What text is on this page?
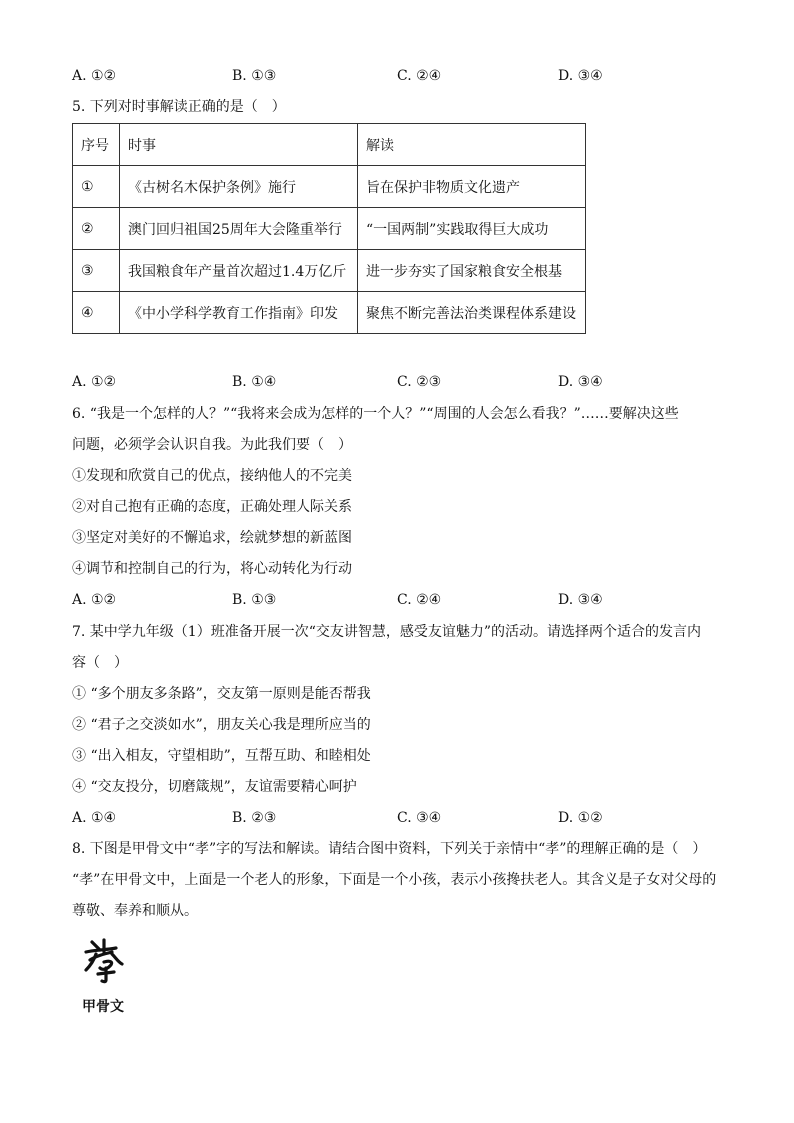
A. ①②	B. ①③	C. ②④	D. ③④
5. 下列对时事解读正确的是（　）
序号	时事	解读
①	《古树名木保护条例》施行	旨在保护非物质文化遗产
②	澳门回归祖国25周年大会隆重举行	“一国两制”实践取得巨大成功
③	我国粮食年产量首次超过1.4万亿斤	进一步夯实了国家粮食安全根基
④	《中小学科学教育工作指南》印发	聚焦不断完善法治类课程体系建设
A. ①②	B. ①④	C. ②③	D. ③④
6. “我是一个怎样的人？”“我将来会成为怎样的一个人？”“周围的人会怎么看我？”……要解决这些
问题，必须学会认识自我。为此我们要（　）
①发现和欣赏自己的优点，接纳他人的不完美
②对自己抱有正确的态度，正确处理人际关系
③坚定对美好的不懈追求，绘就梦想的新蓝图
④调节和控制自己的行为，将心动转化为行动
A. ①②	B. ①③	C. ②④	D. ③④
7. 某中学九年级（1）班准备开展一次“交友讲智慧，感受友谊魅力”的活动。请选择两个适合的发言内
容（　）
① “多个朋友多条路”，交友第一原则是能否帮我
② “君子之交淡如水”，朋友关心我是理所应当的
③ “出入相友，守望相助”，互帮互助、和睦相处
④ “交友投分，切磨箴规”，友谊需要精心呵护
A. ①④	B. ②③	C. ③④	D. ①②
8. 下图是甲骨文中“孝”字的写法和解读。请结合图中资料，下列关于亲情中“孝”的理解正确的是（　）
“孝”在甲骨文中，上面是一个老人的形象，下面是一个小孩，表示小孩搀扶老人。其含义是子女对父母的
尊敬、奉养和顺从。
甲骨文
